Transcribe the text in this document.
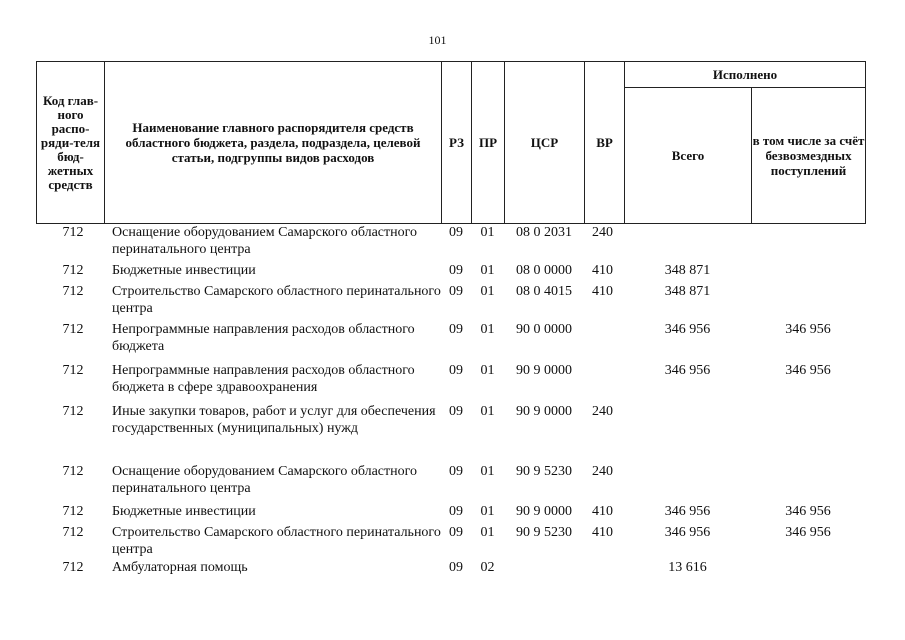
101
Код глав-ного распо-ряди-теля бюд-жетных средств	Наименование главного распорядителя средств областного бюджета, раздела, подраздела, целевой статьи, подгруппы видов расходов	РЗ	ПР	ЦСР	ВР	Исполнено	
						Всего	в том числе за счёт безвозмездных поступлений
712	Оснащение оборудованием Самарского областного перинатального центра	09	01	08 0 2031	240		
712	Бюджетные инвестиции	09	01	08 0 0000	410	348 871	
712	Строительство Самарского областного перинатального центра	09	01	08 0 4015	410	348 871	
712	Непрограммные направления расходов областного бюджета	09	01	90 0 0000		346 956	346 956
712	Непрограммные направления расходов областного бюджета в сфере здравоохранения	09	01	90 9 0000		346 956	346 956
712	Иные закупки товаров, работ и услуг для обеспечения государственных (муниципальных) нужд	09	01	90 9 0000	240		
712	Оснащение оборудованием Самарского областного перинатального центра	09	01	90 9 5230	240		
712	Бюджетные инвестиции	09	01	90 9 0000	410	346 956	346 956
712	Строительство Самарского областного перинатального центра	09	01	90 9 5230	410	346 956	346 956
712	Амбулаторная помощь	09	02			13 616	
